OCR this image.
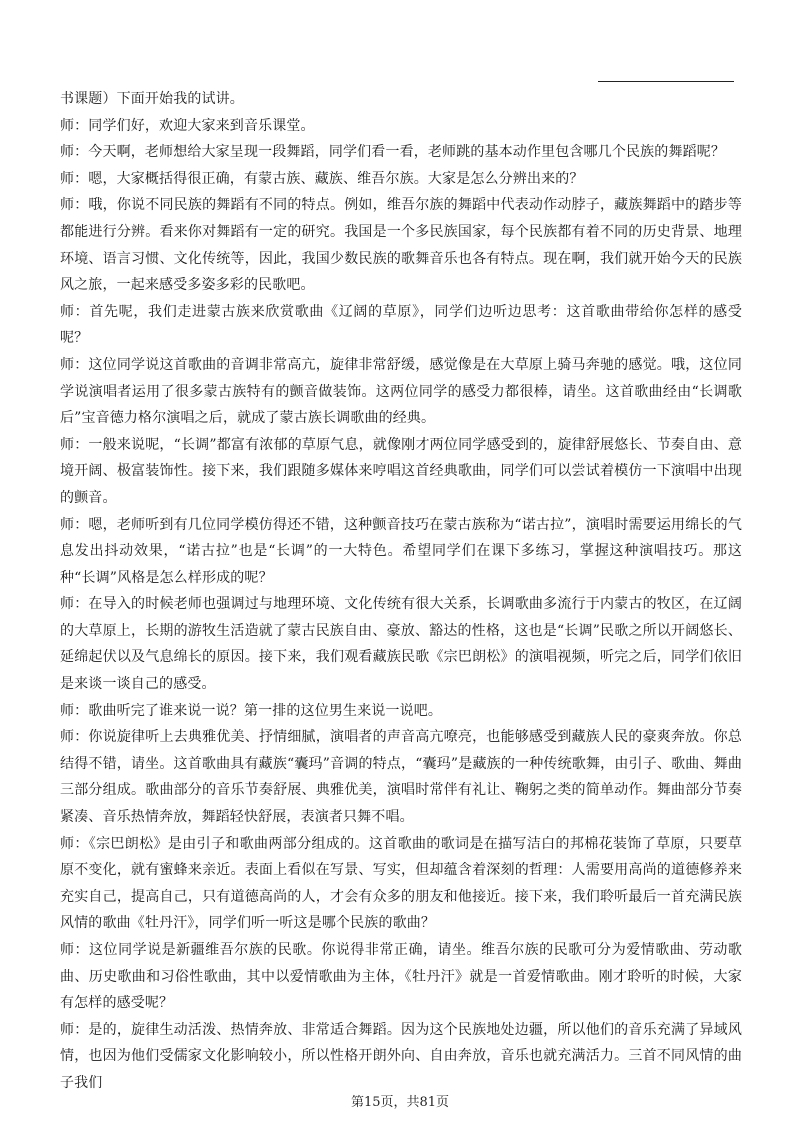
书课题）下面开始我的试讲。

师：同学们好，欢迎大家来到音乐课堂。

师：今天啊，老师想给大家呈现一段舞蹈，同学们看一看，老师跳的基本动作里包含哪几个民族的舞蹈呢？

师：嗯，大家概括得很正确，有蒙古族、藏族、维吾尔族。大家是怎么分辨出来的？

师：哦，你说不同民族的舞蹈有不同的特点。例如，维吾尔族的舞蹈中代表动作动脖子，藏族舞蹈中的踏步等都能进行分辨。看来你对舞蹈有一定的研究。我国是一个多民族国家，每个民族都有着不同的历史背景、地理环境、语言习惯、文化传统等，因此，我国少数民族的歌舞音乐也各有特点。现在啊，我们就开始今天的民族风之旅，一起来感受多姿多彩的民歌吧。

师：首先呢，我们走进蒙古族来欣赏歌曲《辽阔的草原》，同学们边听边思考：这首歌曲带给你怎样的感受呢？

师：这位同学说这首歌曲的音调非常高亢，旋律非常舒缓，感觉像是在大草原上骑马奔驰的感觉。哦，这位同学说演唱者运用了很多蒙古族特有的颤音做装饰。这两位同学的感受力都很棒，请坐。这首歌曲经由“长调歌后”宝音德力格尔演唱之后，就成了蒙古族长调歌曲的经典。

师：一般来说呢，“长调”都富有浓郁的草原气息，就像刚才两位同学感受到的，旋律舒展悠长、节奏自由、意境开阔、极富装饰性。接下来，我们跟随多媒体来哼唱这首经典歌曲，同学们可以尝试着模仿一下演唱中出现的颤音。

师：嗯，老师听到有几位同学模仿得还不错，这种颤音技巧在蒙古族称为“诺古拉”，演唱时需要运用绵长的气息发出抖动效果，“诺古拉”也是“长调”的一大特色。希望同学们在课下多练习，掌握这种演唱技巧。那这种“长调”风格是怎么样形成的呢？

师：在导入的时候老师也强调过与地理环境、文化传统有很大关系，长调歌曲多流行于内蒙古的牧区，在辽阔的大草原上，长期的游牧生活造就了蒙古民族自由、豪放、豁达的性格，这也是“长调”民歌之所以开阔悠长、延绵起伏以及气息绵长的原因。接下来，我们观看藏族民歌《宗巴朗松》的演唱视频，听完之后，同学们依旧是来谈一谈自己的感受。

师：歌曲听完了谁来说一说？第一排的这位男生来说一说吧。

师：你说旋律听上去典雅优美、抒情细腻，演唱者的声音高亢嘹亮，也能够感受到藏族人民的豪爽奔放。你总结得不错，请坐。这首歌曲具有藏族“囊玛”音调的特点，“囊玛”是藏族的一种传统歌舞，由引子、歌曲、舞曲三部分组成。歌曲部分的音乐节奏舒展、典雅优美，演唱时常伴有礼让、鞠躬之类的简单动作。舞曲部分节奏紧凑、音乐热情奔放，舞蹈轻快舒展，表演者只舞不唱。

师：《宗巴朗松》是由引子和歌曲两部分组成的。这首歌曲的歌词是在描写洁白的邦棉花装饰了草原，只要草原不变化，就有蜜蜂来亲近。表面上看似在写景、写实，但却蕴含着深刻的哲理：人需要用高尚的道德修养来充实自己，提高自己，只有道德高尚的人，才会有众多的朋友和他接近。接下来，我们聆听最后一首充满民族风情的歌曲《牡丹汗》，同学们听一听这是哪个民族的歌曲？

师：这位同学说是新疆维吾尔族的民歌。你说得非常正确，请坐。维吾尔族的民歌可分为爱情歌曲、劳动歌曲、历史歌曲和习俗性歌曲，其中以爱情歌曲为主体，《牡丹汗》就是一首爱情歌曲。刚才聆听的时候，大家有怎样的感受呢？

师：是的，旋律生动活泼、热情奔放、非常适合舞蹈。因为这个民族地处边疆，所以他们的音乐充满了异域风情，也因为他们受儒家文化影响较小，所以性格开朗外向、自由奔放，音乐也就充满活力。三首不同风情的曲子我们

第15页，共81页
